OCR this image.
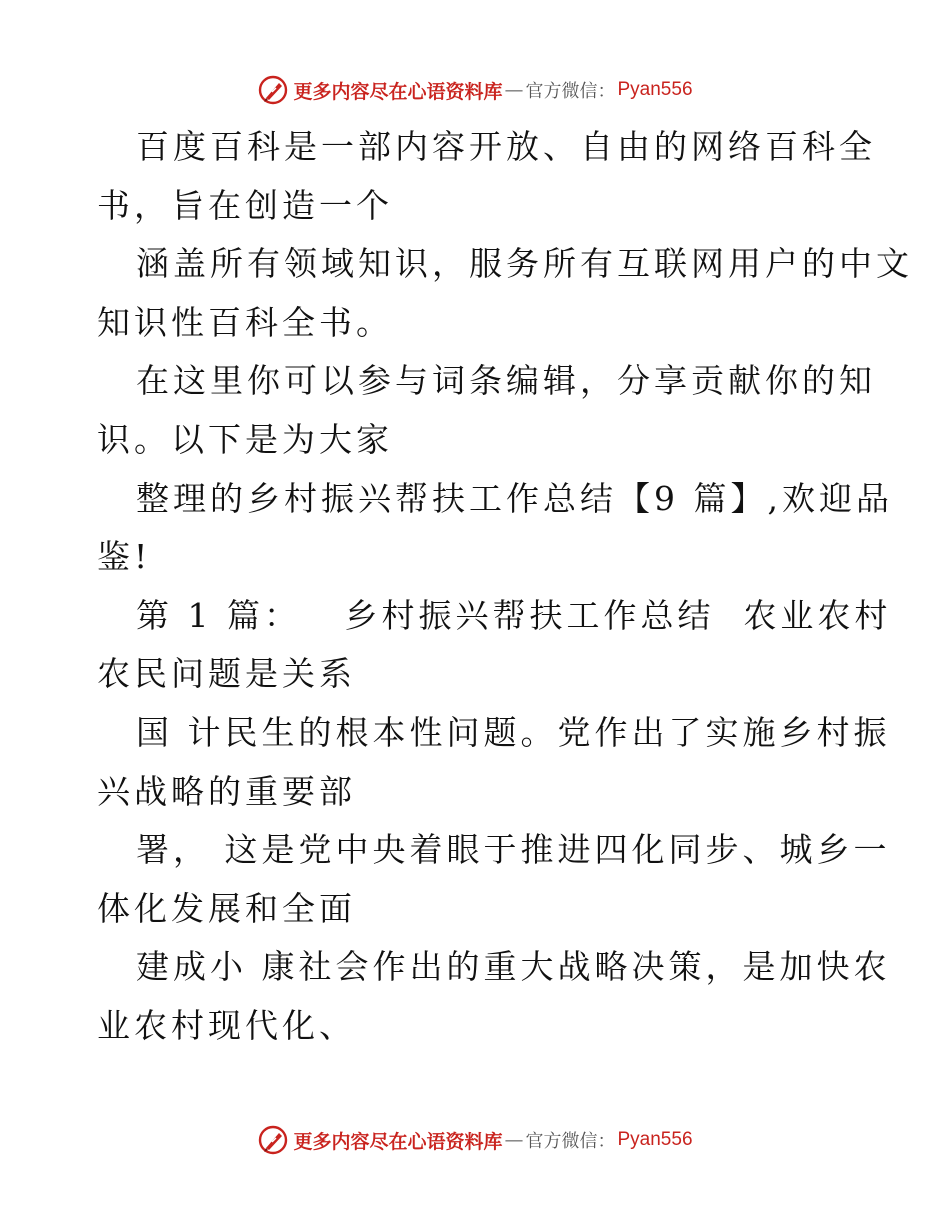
更多内容尽在心语资料库 — 官方微信： Pyan556
百度百科是一部内容开放、自由的网络百科全
书，旨在创造一个
涵盖所有领域知识，服务所有互联网用户的中文
知识性百科全书。
在这里你可以参与词条编辑，分享贡献你的知
识。以下是为大家
整理的乡村振兴帮扶工作总结【9 篇】,欢迎品
鉴!
第 1 篇：   乡村振兴帮扶工作总结  农业农村
农民问题是关系
国 计民生的根本性问题。党作出了实施乡村振
兴战略的重要部
署， 这是党中央着眼于推进四化同步、城乡一
体化发展和全面
建成小 康社会作出的重大战略决策，是加快农
业农村现代化、
更多内容尽在心语资料库 — 官方微信： Pyan556
